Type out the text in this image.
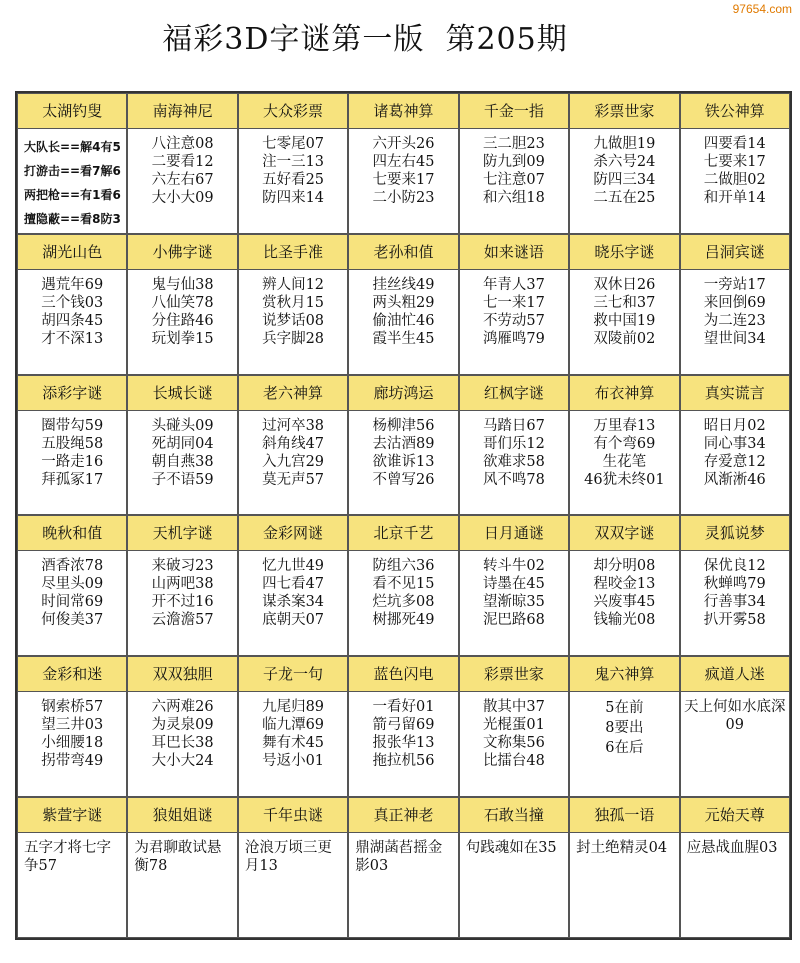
97654.com
福彩3D字谜第一版  第205期
太湖钓叟
大队长==解4有5
打游击==看7解6
两把枪==有1看6
擅隐蔽==看8防3
南海神尼
八注意08
二要看12
六左右67
大小大09
大众彩票
七零尾07
注一三13
五好看25
防四来14
诸葛神算
六开头26
四左右45
七要来17
二小防23
千金一指
三二胆23
防九到09
七注意07
和六组18
彩票世家
九做胆19
杀六号24
防四三34
二五在25
铁公神算
四要看14
七要来17
二做胆02
和开单14
湖光山色
遇荒年69
三个钱03
胡四条45
才不深13
小佛字谜
鬼与仙38
八仙笑78
分住路46
玩划拳15
比圣手准
辨人间12
赏秋月15
说梦话08
兵字脚28
老孙和值
挂丝线49
两头粗29
偷油忙46
霞半生45
如来谜语
年青人37
七一来17
不劳动57
鸿雁鸣79
晓乐字谜
双休日26
三七和37
救中国19
双陵前02
吕洞宾谜
一旁站17
来回倒69
为二连23
望世间34
添彩字谜
圈带勾59
五股绳58
一路走16
拜孤冢17
长城长谜
头碰头09
死胡同04
朝自燕38
子不语59
老六神算
过河卒38
斜角线47
入九宫29
莫无声57
廊坊鸿运
杨柳津56
去沽酒89
欲谁诉13
不曾写26
红枫字谜
马踏日67
哥们乐12
欲难求58
风不鸣78
布衣神算
万里春13
有个弯69
生花笔
46犹未终01
真实谎言
昭日月02
同心事34
存爱意12
风渐淅46
晚秋和值
酒香浓78
尽里头09
时间常69
何俊美37
天机字谜
来破习23
山两吧38
开不过16
云澹澹57
金彩网谜
忆九世49
四七看47
谋杀案34
底朝天07
北京千艺
防组六36
看不见15
烂坑多08
树挪死49
日月通谜
转斗牛02
诗墨在45
望渐晾35
泥巴路68
双双字谜
却分明08
程咬金13
兴废事45
钱输光08
灵狐说梦
保优良12
秋蝉鸣79
行善事34
扒开雾58
金彩和迷
钢索桥57
望三井03
小细腰18
拐带弯49
双双独胆
六两难26
为灵泉09
耳巴长38
大小大24
子龙一句
九尾归89
临九潭69
舞有术45
号返小01
蓝色闪电
一看好01
箭弓留69
报张华13
拖拉机56
彩票世家
散其中37
光棍蛋01
文称集56
比擂台48
鬼六神算
5在前
8要出
6在后
疯道人迷
天上何如水底深09
紫萱字谜
五字才将七字争57
狼姐姐谜
为君聊敢试悬衡78
千年虫谜
沧浪万顷三更月13
真正神老
鼎湖菡萏摇金影03
石敢当撞
句践魂如在35
独孤一语
封土绝精灵04
元始天尊
应悬战血腥03
